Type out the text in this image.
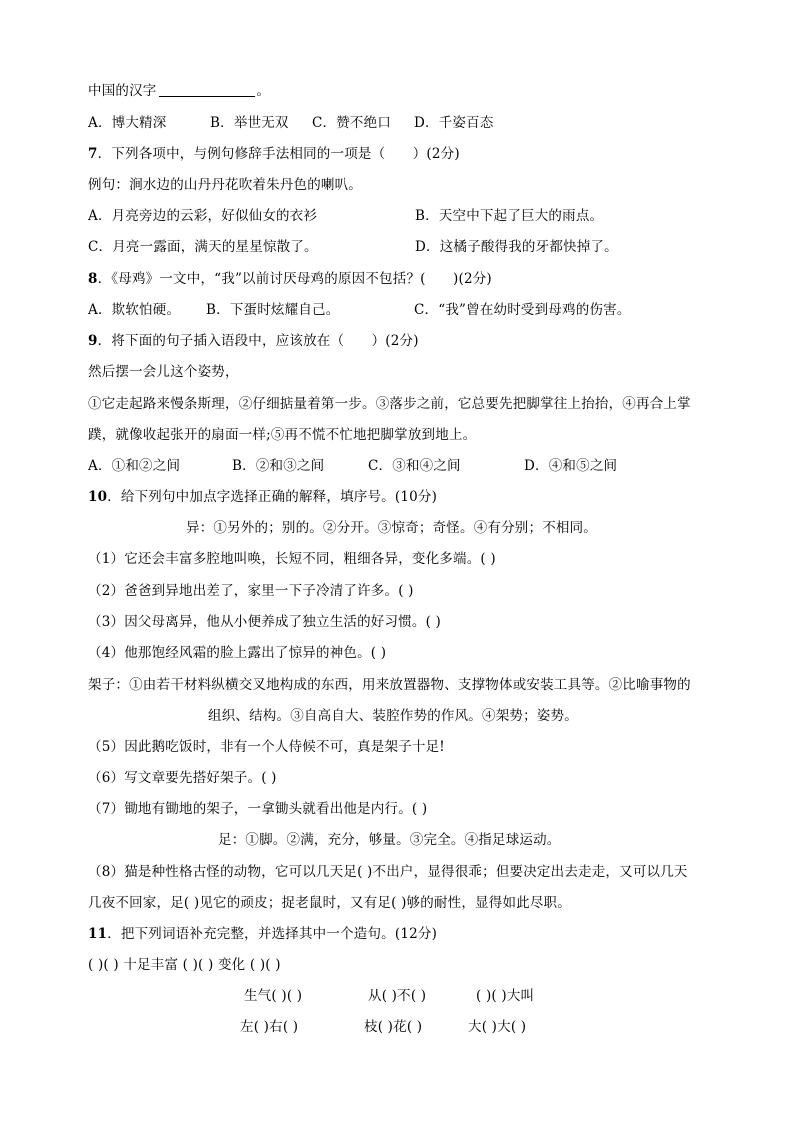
中国的汉字	。
A．博大精深	B．举世无双 C．赞不绝口 D．千姿百态
7．下列各项中，与例句修辞手法相同的一项是（　　）(2分)
例句：涧水边的山丹丹花吹着朱丹色的喇叭。
A．月亮旁边的云彩，好似仙女的衣衫	B．天空中下起了巨大的雨点。
C．月亮一露面，满天的星星惊散了。	D．这橘子酸得我的牙都快掉了。
8．《母鸡》一文中，“我”以前讨厌母鸡的原因不包括？(　　)(2分)
A．欺软怕硬。 B．下蛋时炫耀自己。	C．“我”曾在幼时受到母鸡的伤害。
9．将下面的句子插入语段中，应该放在（　　）(2分)
然后摆一会儿这个姿势，
①它走起路来慢条斯理，②仔细掂量着第一步。③落步之前，它总要先把脚掌往上抬抬，④再合上掌
蹼，就像收起张开的扇面一样;⑤再不慌不忙地把脚掌放到地上。
A．①和②之间	B．②和③之间	C．③和④之间	D．④和⑤之间
10．给下列句中加点字选择正确的解释，填序号。(10分)
异：①另外的；别的。②分开。③惊奇；奇怪。④有分别；不相同。
（1）它还会丰富多腔地叫唤，长短不同，粗细各异，变化多端。( )
（2）爸爸到异地出差了，家里一下子冷清了许多。( )
（3）因父母离异，他从小便养成了独立生活的好习惯。( )
（4）他那饱经风霜的脸上露出了惊异的神色。( )
架子：①由若干材料纵横交叉地构成的东西，用来放置器物、支撑物体或安装工具等。②比喻事物的
组织、结构。③自高自大、装腔作势的作风。④架势；姿势。
（5）因此鹅吃饭时，非有一个人侍候不可，真是架子十足!
（6）写文章要先搭好架子。( )
（7）锄地有锄地的架子，一拿锄头就看出他是内行。( )
足：①脚。②满，充分，够量。③完全。④指足球运动。
（8）猫是种性格古怪的动物，它可以几天足( )不出户，显得很乖；但要决定出去走走，又可以几天
几夜不回家，足( )见它的顽皮；捉老鼠时，又有足( )够的耐性，显得如此尽职。
11．把下列词语补充完整，并选择其中一个造句。(12分)
( )( ) 十足丰富 ( )( ) 变化 ( )( )
生气( )( )	从( )不( )	( )( )大叫
左( )右( )	枝( )花( )	大( )大( )
